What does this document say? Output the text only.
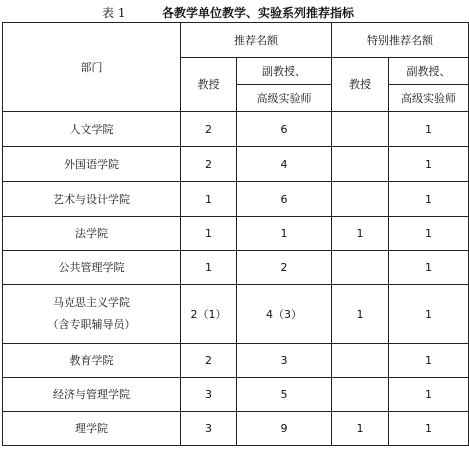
表 1	各教学单位教学、实验系列推荐指标
部门	推荐名额		特别推荐名额	
	教授	副教授、	教授	副教授、
		高级实验师		高级实验师

人文学院	2	6		1

外国语学院	2	4		1

艺术与设计学院	1	6		1

法学院	1	1	1	1

公共管理学院	1	2		1

马克思主义学院
（含专职辅导员）	2（1）	4（3）	1	1

教育学院	2	3		1

经济与管理学院	3	5		1

理学院	3	9	1	1
